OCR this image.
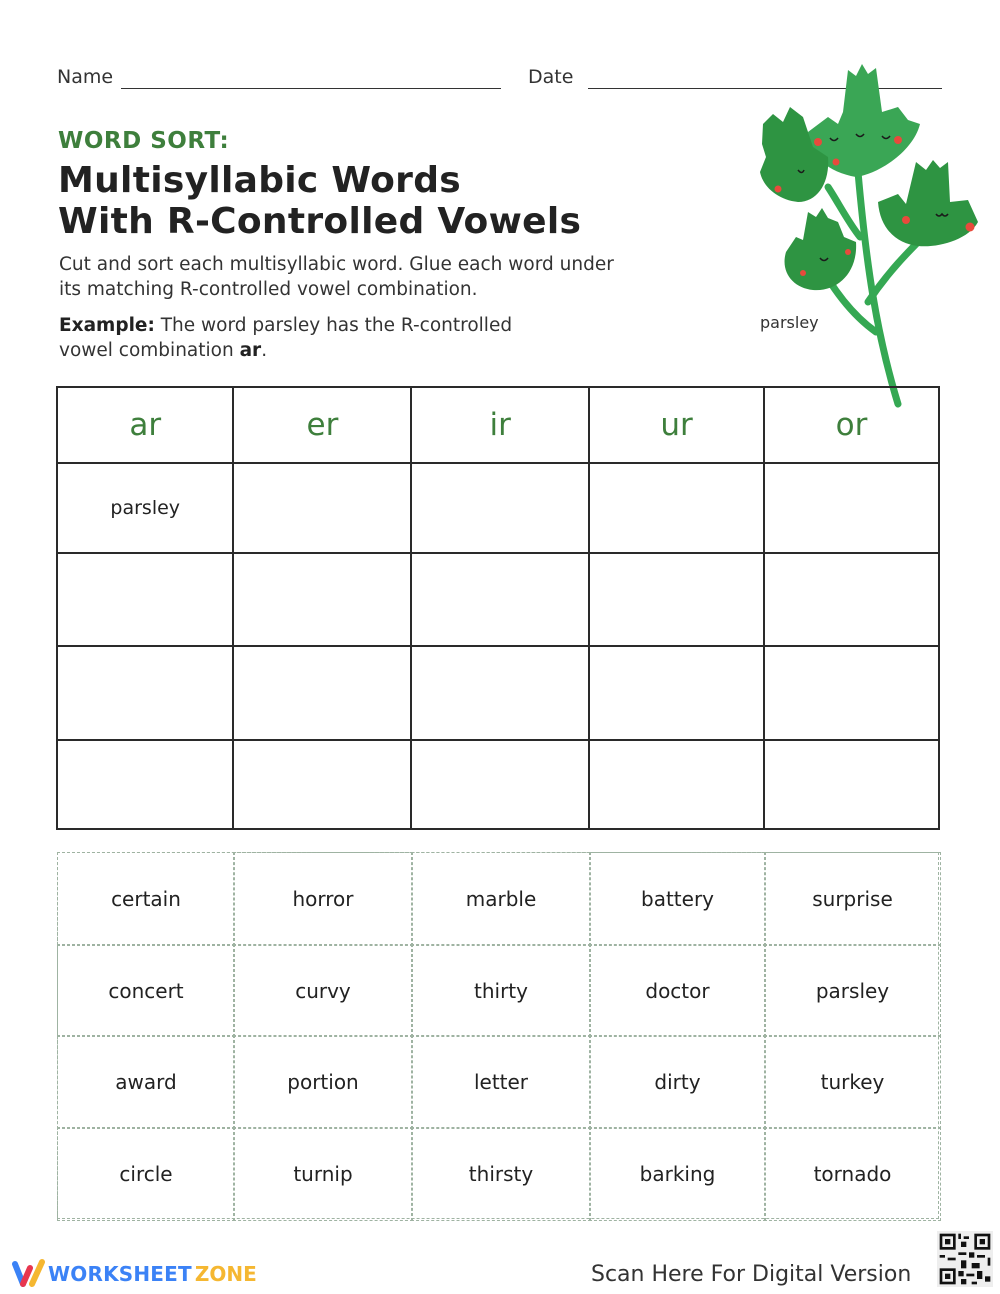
Name	Date
WORD SORT:
Multisyllabic Words
With R-Controlled Vowels
Cut and sort each multisyllabic word. Glue each word under
its matching R-controlled vowel combination.
Example: The word parsley has the R-controlled
vowel combination ar.
parsley
ar	er	ir	ur	or
parsley				

certain	horror	marble	battery	surprise
concert	curvy	thirty	doctor	parsley
award	portion	letter	dirty	turkey
circle	turnip	thirsty	barking	tornado
WORKSHEET ZONE	Scan Here For Digital Version
